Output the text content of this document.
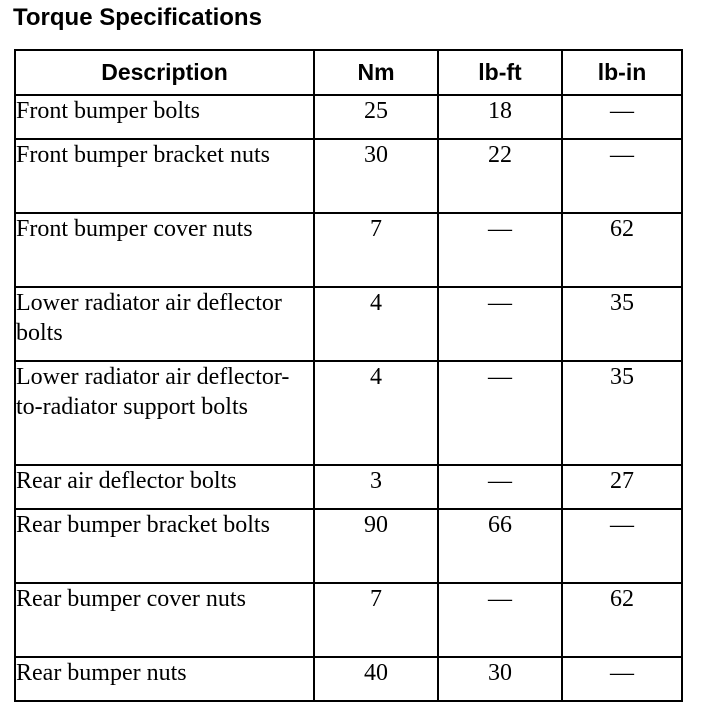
Torque Specifications
Description	Nm	lb-ft	lb-in
Front bumper bolts	25	18	—
Front bumper bracket nuts	30	22	—
Front bumper cover nuts	7	—	62
Lower radiator air deflector bolts	4	—	35
Lower radiator air deflector-to-radiator support bolts	4	—	35
Rear air deflector bolts	3	—	27
Rear bumper bracket bolts	90	66	—
Rear bumper cover nuts	7	—	62
Rear bumper nuts	40	30	—
